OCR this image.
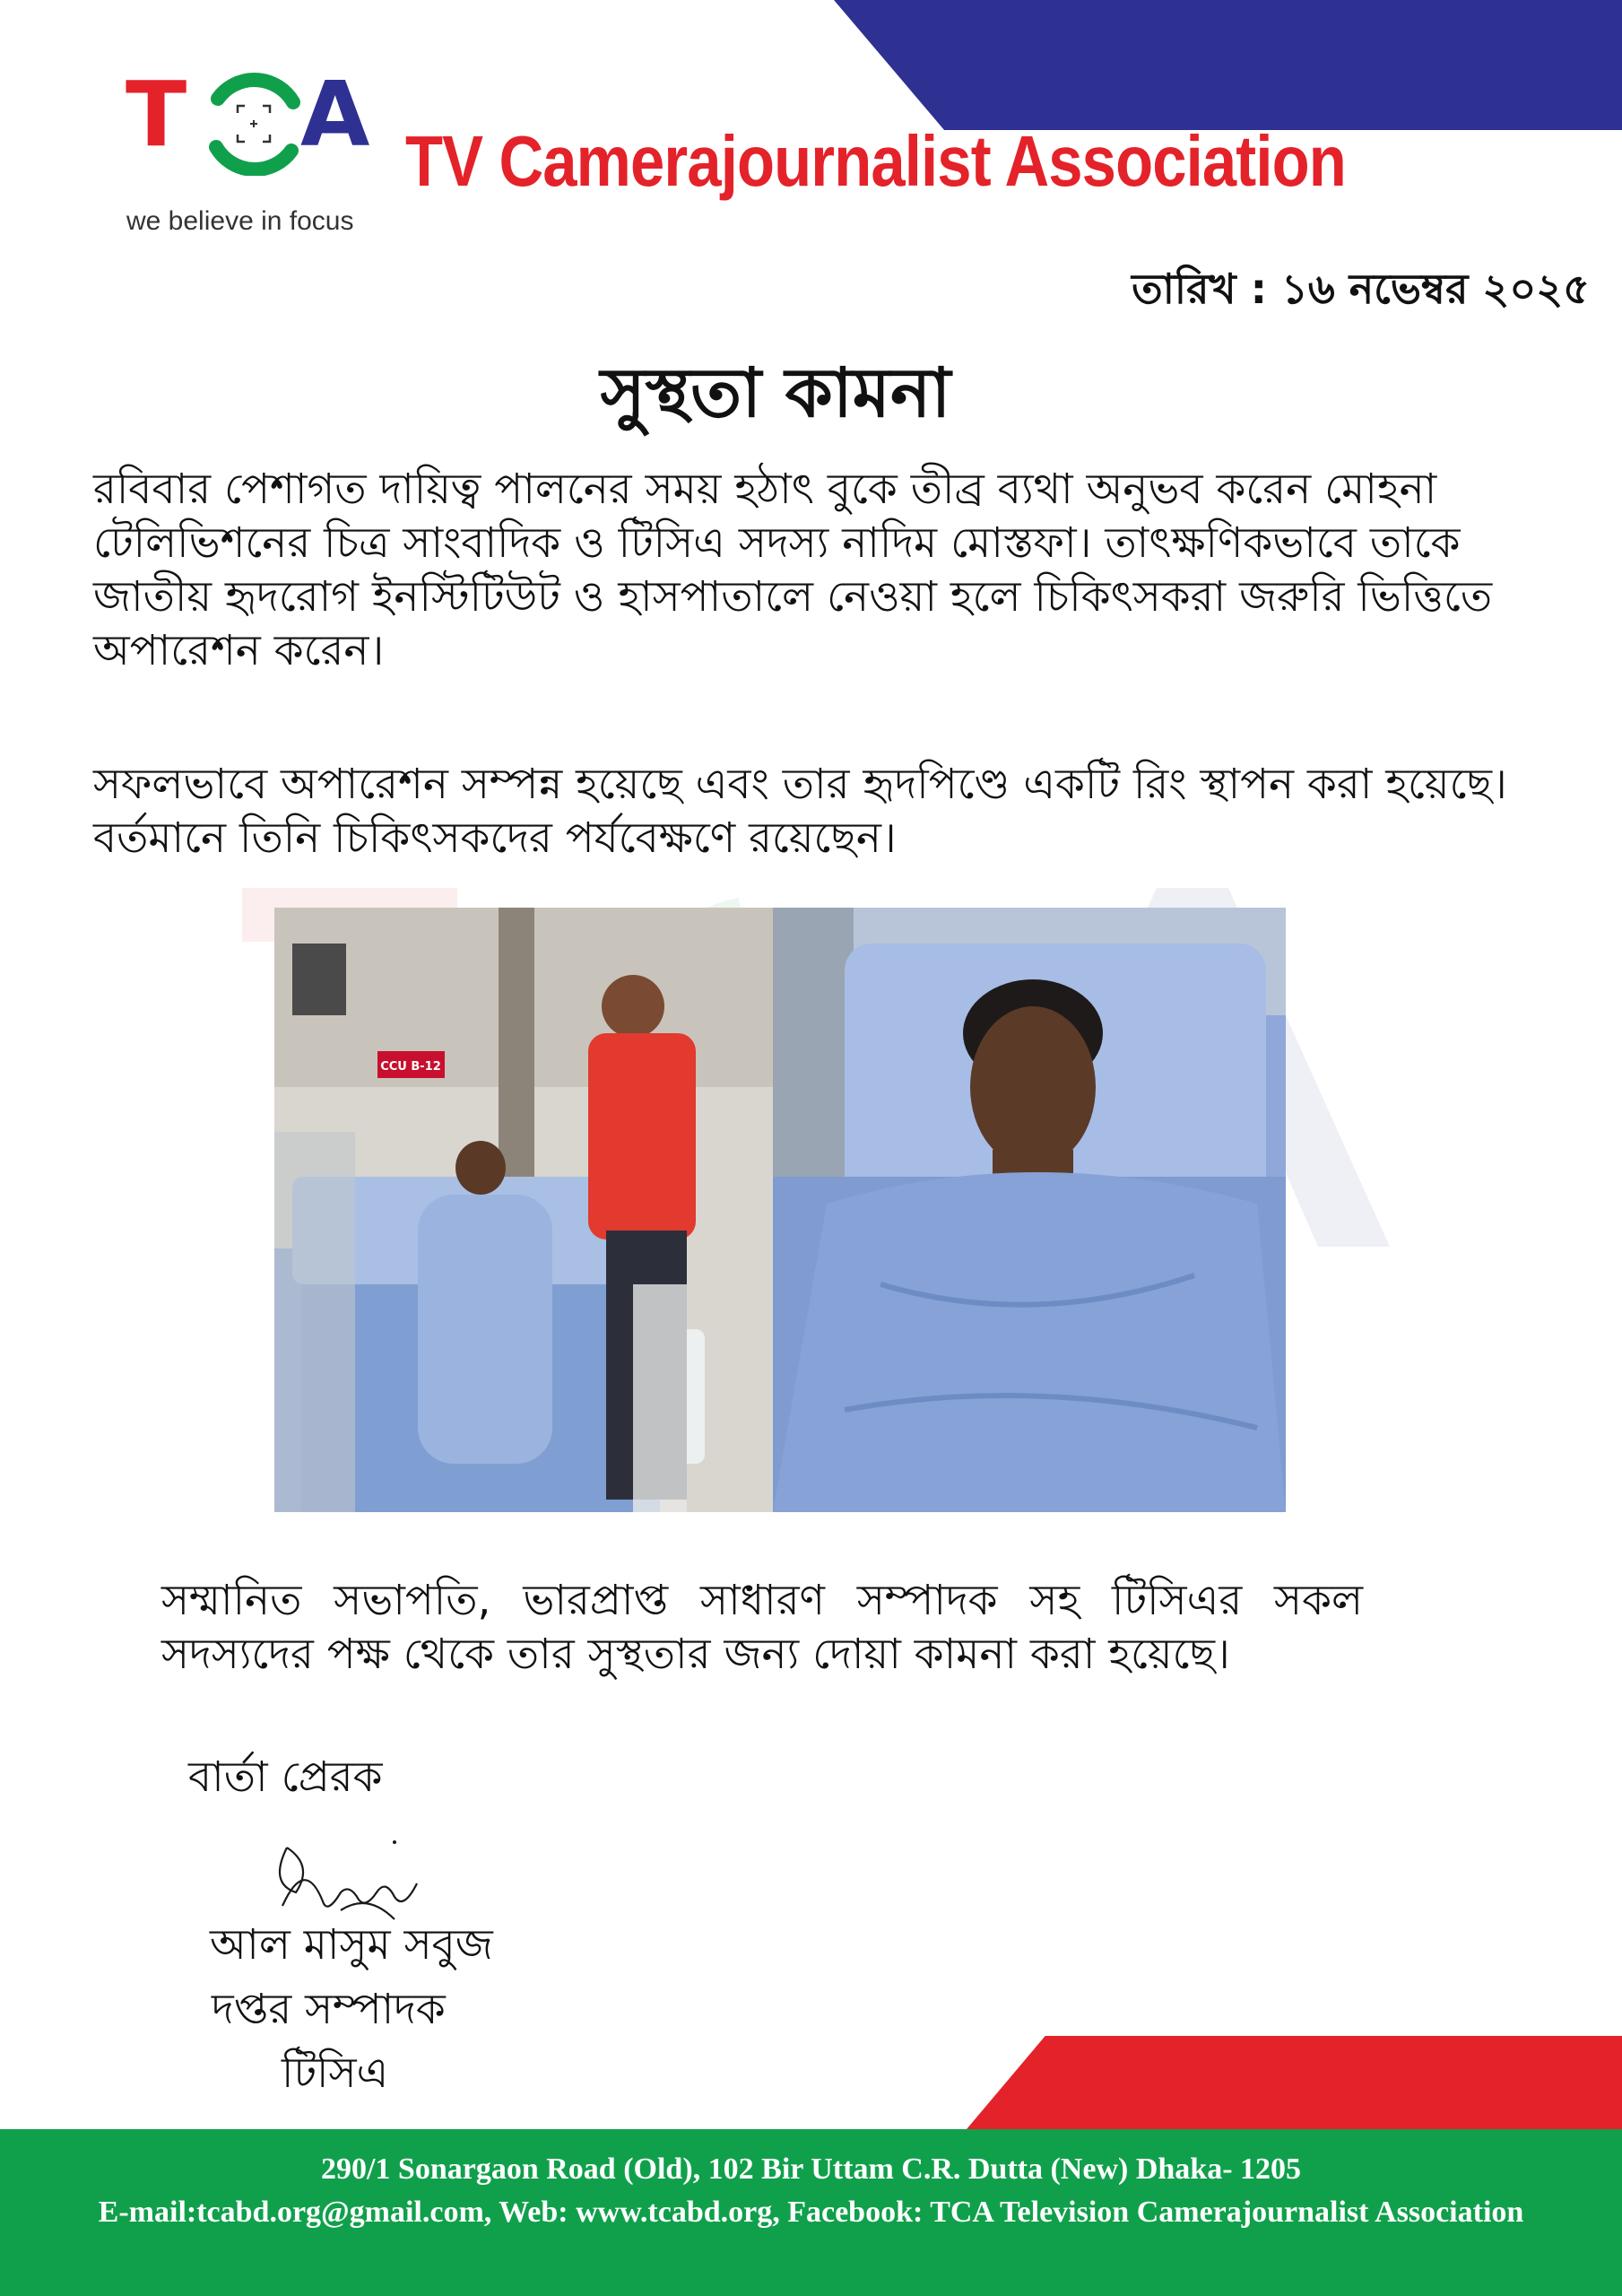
T A
we believe in focus
TV Camerajournalist Association
তারিখ : ১৬ নভেম্বর ২০২৫
সুস্থতা কামনা
রবিবার পেশাগত দায়িত্ব পালনের সময় হঠাৎ বুকে তীব্র ব্যথা অনুভব করেন মোহনা টেলিভিশনের চিত্র সাংবাদিক ও টিসিএ সদস্য নাদিম মোস্তফা। তাৎক্ষণিকভাবে তাকে জাতীয় হৃদরোগ ইনস্টিটিউট ও হাসপাতালে নেওয়া হলে চিকিৎসকরা জরুরি ভিত্তিতে অপারেশন করেন।
সফলভাবে অপারেশন সম্পন্ন হয়েছে এবং তার হৃদপিণ্ডে একটি রিং স্থাপন করা হয়েছে। বর্তমানে তিনি চিকিৎসকদের পর্যবেক্ষণে রয়েছেন।
CCU B-12
সম্মানিত সভাপতি, ভারপ্রাপ্ত সাধারণ সম্পাদক সহ টিসিএর সকল সদস্যদের পক্ষ থেকে তার সুস্থতার জন্য দোয়া কামনা করা হয়েছে।
বার্তা প্রেরক
আল মাসুম সবুজ
দপ্তর সম্পাদক
টিসিএ
290/1 Sonargaon Road (Old), 102 Bir Uttam C.R. Dutta (New) Dhaka- 1205
E-mail:tcabd.org@gmail.com, Web: www.tcabd.org, Facebook: TCA Television Camerajournalist Association
